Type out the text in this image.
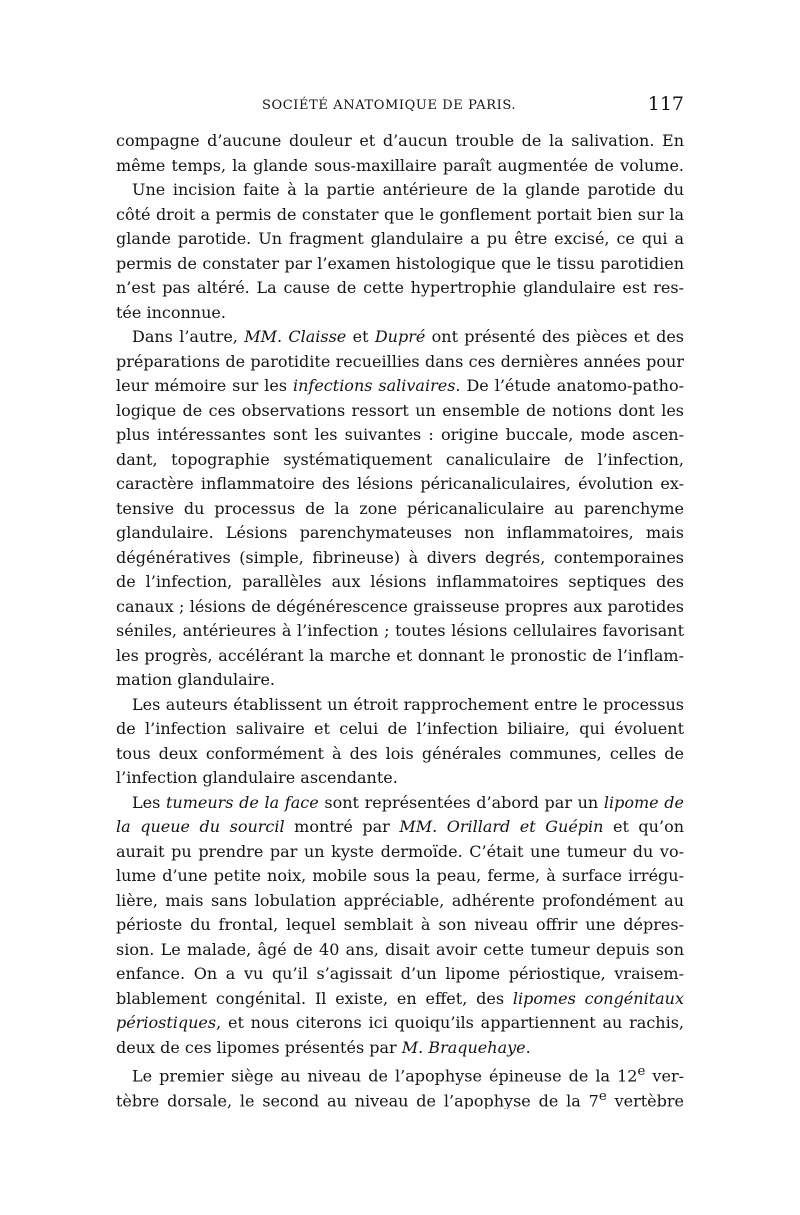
SOCIÉTÉ ANATOMIQUE DE PARIS.	117
compagne d’aucune douleur et d’aucun trouble de la salivation. En
même temps, la glande sous-maxillaire paraît augmentée de volume.
Une incision faite à la partie antérieure de la glande parotide du
côté droit a permis de constater que le gonflement portait bien sur la
glande parotide. Un fragment glandulaire a pu être excisé, ce qui a
permis de constater par l’examen histologique que le tissu parotidien
n’est pas altéré. La cause de cette hypertrophie glandulaire est res-
tée inconnue.
Dans l’autre, MM. Claisse et Dupré ont présenté des pièces et des
préparations de parotidite recueillies dans ces dernières années pour
leur mémoire sur les infections salivaires. De l’étude anatomo-patho-
logique de ces observations ressort un ensemble de notions dont les
plus intéressantes sont les suivantes : origine buccale, mode ascen-
dant, topographie systématiquement canaliculaire de l’infection,
caractère inflammatoire des lésions péricanaliculaires, évolution ex-
tensive du processus de la zone péricanaliculaire au parenchyme
glandulaire. Lésions parenchymateuses non inflammatoires, mais
dégénératives (simple, fibrineuse) à divers degrés, contemporaines
de l’infection, parallèles aux lésions inflammatoires septiques des
canaux ; lésions de dégénérescence graisseuse propres aux parotides
séniles, antérieures à l’infection ; toutes lésions cellulaires favorisant
les progrès, accélérant la marche et donnant le pronostic de l’inflam-
mation glandulaire.
Les auteurs établissent un étroit rapprochement entre le processus
de l’infection salivaire et celui de l’infection biliaire, qui évoluent
tous deux conformément à des lois générales communes, celles de
l’infection glandulaire ascendante.
Les tumeurs de la face sont représentées d’abord par un lipome de
la queue du sourcil montré par MM. Orillard et Guépin et qu’on
aurait pu prendre par un kyste dermoïde. C’était une tumeur du vo-
lume d’une petite noix, mobile sous la peau, ferme, à surface irrégu-
lière, mais sans lobulation appréciable, adhérente profondément au
périoste du frontal, lequel semblait à son niveau offrir une dépres-
sion. Le malade, âgé de 40 ans, disait avoir cette tumeur depuis son
enfance. On a vu qu’il s’agissait d’un lipome périostique, vraisem-
blablement congénital. Il existe, en effet, des lipomes congénitaux
périostiques, et nous citerons ici quoiqu’ils appartiennent au rachis,
deux de ces lipomes présentés par M. Braquehaye.
Le premier siège au niveau de l’apophyse épineuse de la 12e ver-
tèbre dorsale, le second au niveau de l’apophyse de la 7e vertèbre
